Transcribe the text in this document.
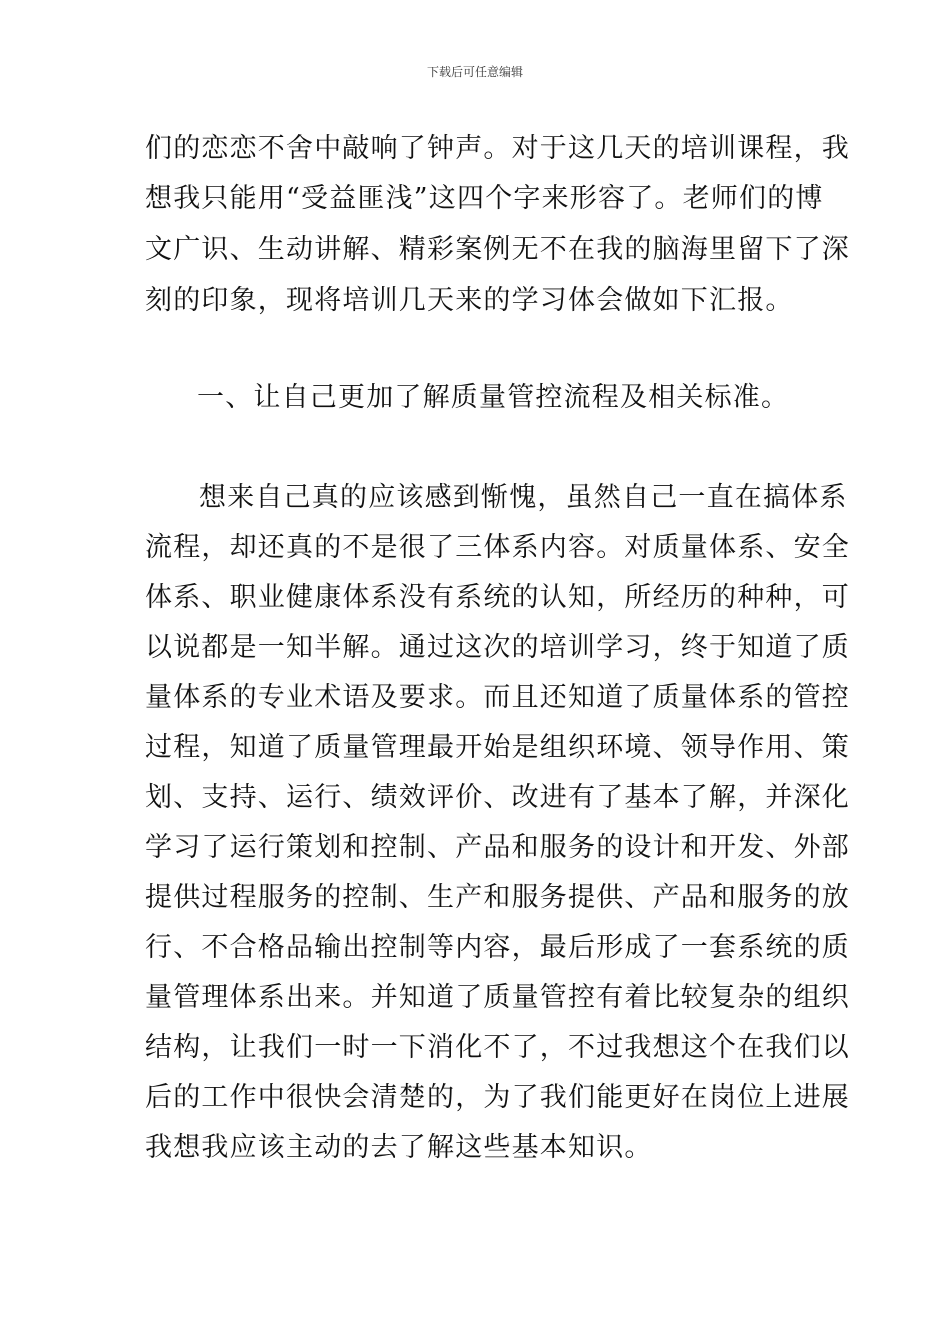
下载后可任意编辑
们的恋恋不舍中敲响了钟声。对于这几天的培训课程，我
想我只能用“受益匪浅”这四个字来形容了。老师们的博
文广识、生动讲解、精彩案例无不在我的脑海里留下了深
刻的印象，现将培训几天来的学习体会做如下汇报。
一、让自己更加了解质量管控流程及相关标准。
想来自己真的应该感到惭愧，虽然自己一直在搞体系
流程，却还真的不是很了三体系内容。对质量体系、安全
体系、职业健康体系没有系统的认知，所经历的种种，可
以说都是一知半解。通过这次的培训学习，终于知道了质
量体系的专业术语及要求。而且还知道了质量体系的管控
过程，知道了质量管理最开始是组织环境、领导作用、策
划、支持、运行、绩效评价、改进有了基本了解，并深化
学习了运行策划和控制、产品和服务的设计和开发、外部
提供过程服务的控制、生产和服务提供、产品和服务的放
行、不合格品输出控制等内容，最后形成了一套系统的质
量管理体系出来。并知道了质量管控有着比较复杂的组织
结构，让我们一时一下消化不了，不过我想这个在我们以
后的工作中很快会清楚的，为了我们能更好在岗位上进展
我想我应该主动的去了解这些基本知识。
